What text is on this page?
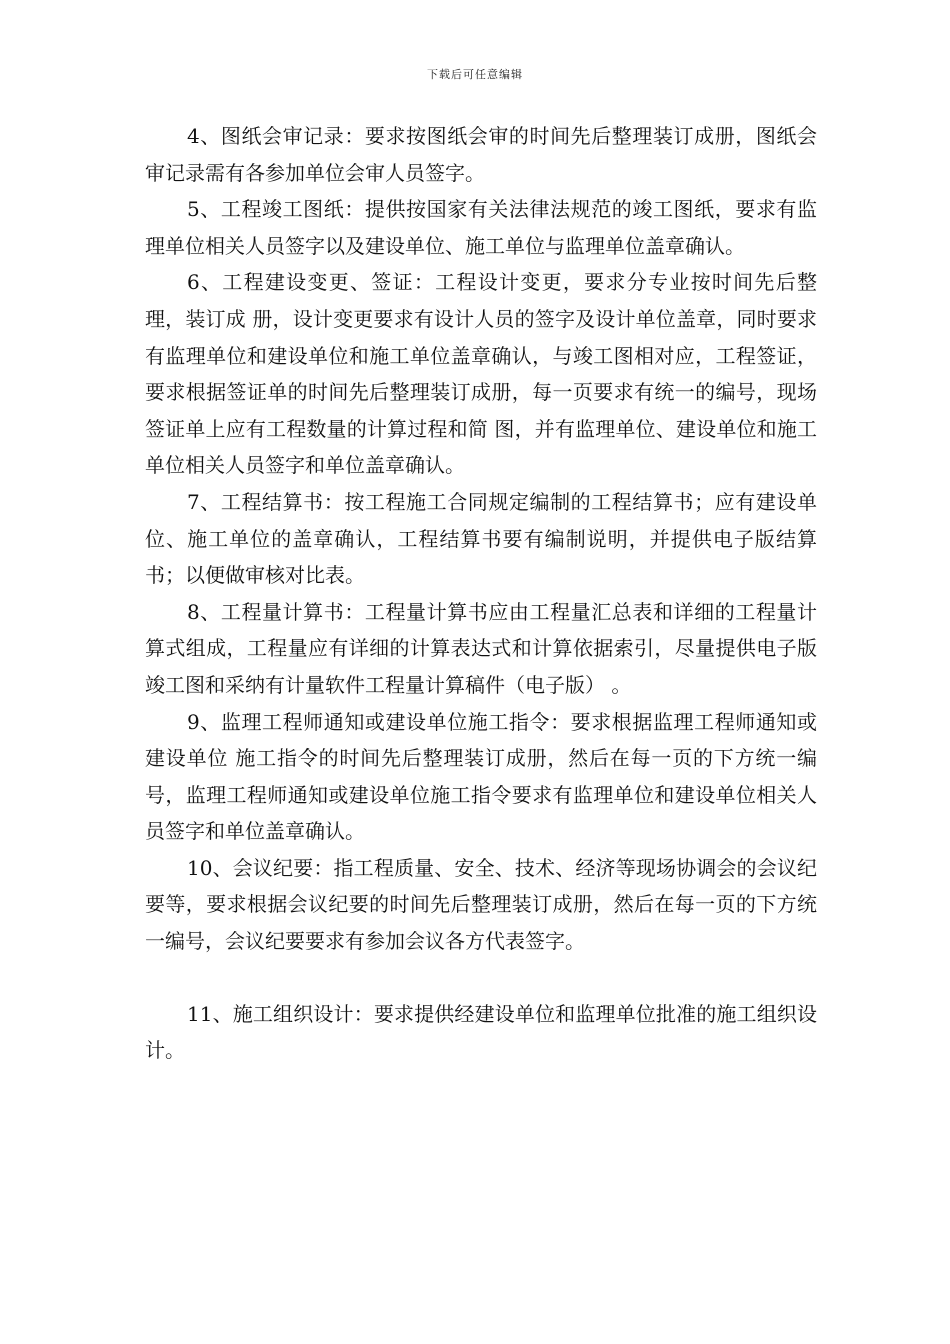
下载后可任意编辑

4、图纸会审记录：要求按图纸会审的时间先后整理装订成册，图纸会审记录需有各参加单位会审人员签字。

5、工程竣工图纸：提供按国家有关法律法规范的竣工图纸，要求有监理单位相关人员签字以及建设单位、施工单位与监理单位盖章确认。

6、工程建设变更、签证：工程设计变更，要求分专业按时间先后整理，装订成 册，设计变更要求有设计人员的签字及设计单位盖章，同时要求有监理单位和建设单位和施工单位盖章确认，与竣工图相对应，工程签证，要求根据签证单的时间先后整理装订成册，每一页要求有统一的编号，现场签证单上应有工程数量的计算过程和简 图，并有监理单位、建设单位和施工单位相关人员签字和单位盖章确认。

7、工程结算书：按工程施工合同规定编制的工程结算书；应有建设单位、施工单位的盖章确认，工程结算书要有编制说明，并提供电子版结算书；以便做审核对比表。

8、工程量计算书：工程量计算书应由工程量汇总表和详细的工程量计算式组成，工程量应有详细的计算表达式和计算依据索引，尽量提供电子版竣工图和采纳有计量软件工程量计算稿件（电子版） 。

9、监理工程师通知或建设单位施工指令：要求根据监理工程师通知或建设单位 施工指令的时间先后整理装订成册，然后在每一页的下方统一编号，监理工程师通知或建设单位施工指令要求有监理单位和建设单位相关人员签字和单位盖章确认。

10、会议纪要：指工程质量、安全、技术、经济等现场协调会的会议纪要等，要求根据会议纪要的时间先后整理装订成册，然后在每一页的下方统一编号，会议纪要要求有参加会议各方代表签字。

11、施工组织设计：要求提供经建设单位和监理单位批准的施工组织设计。
